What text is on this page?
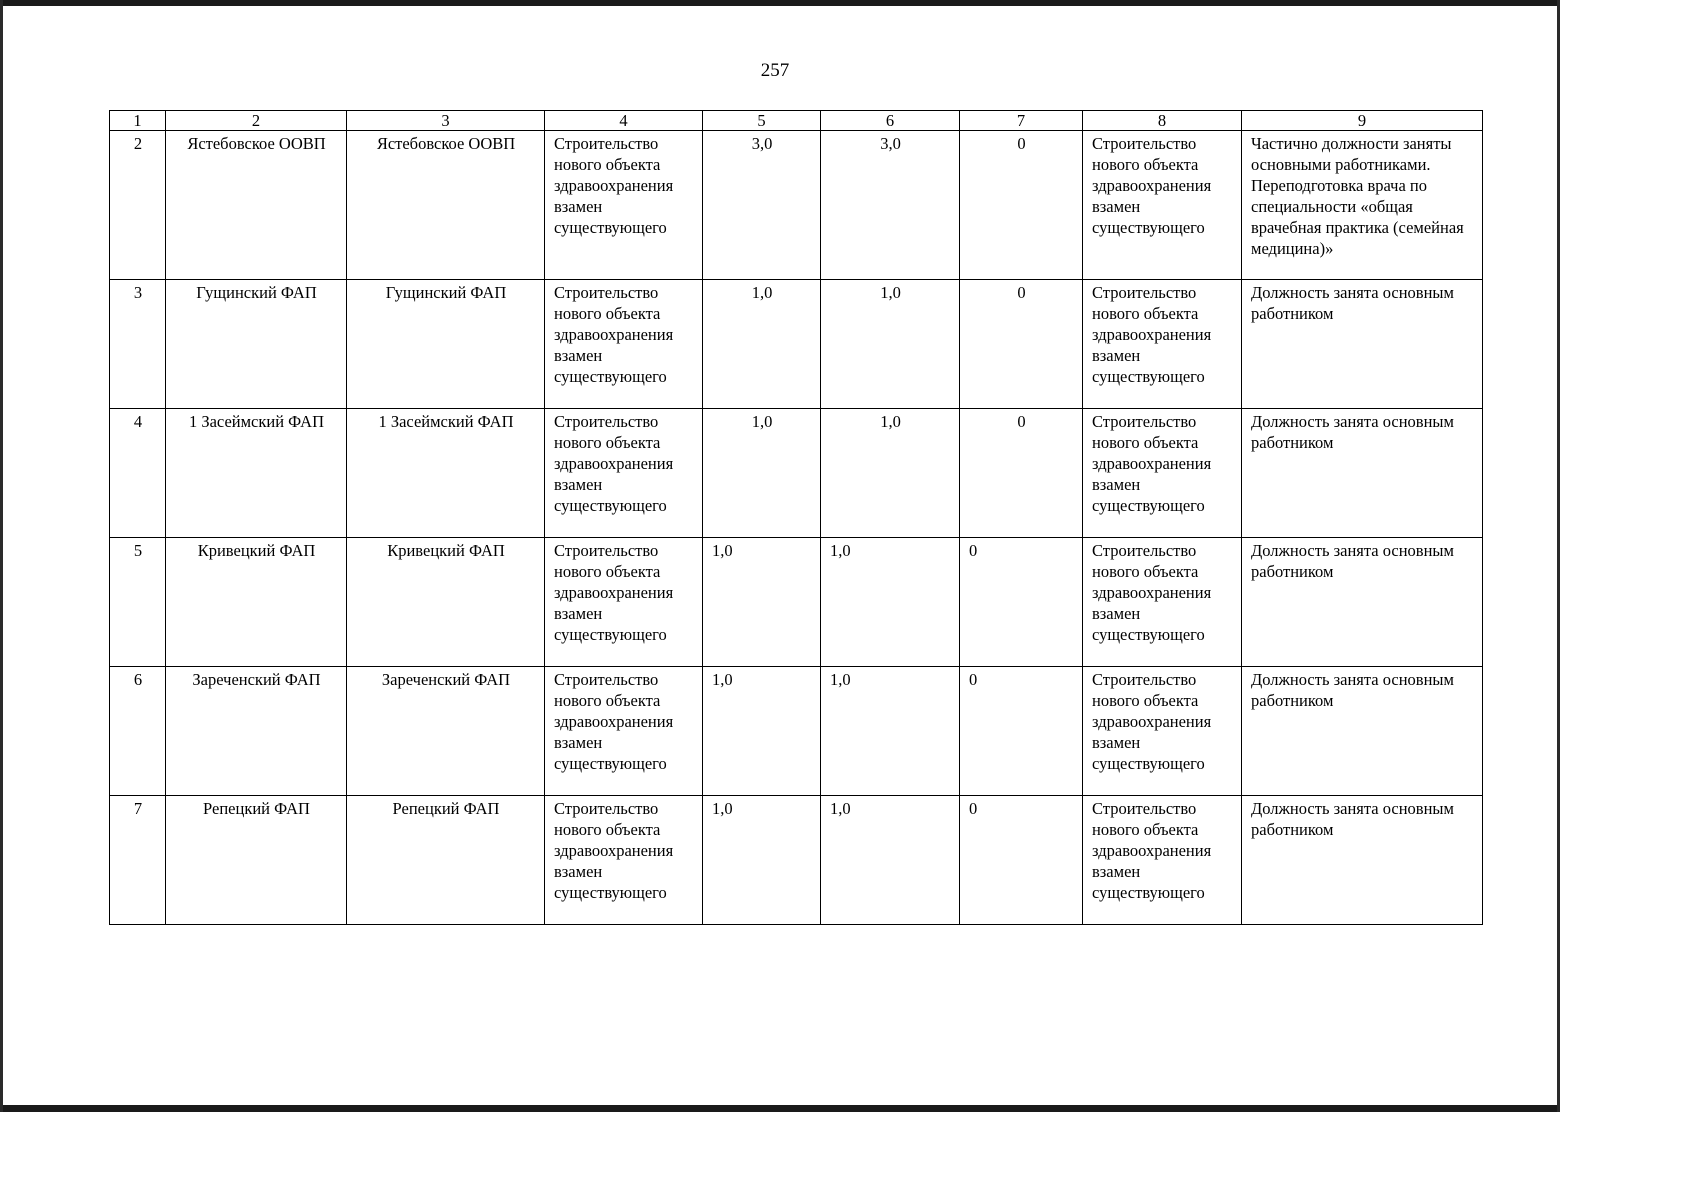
257
1	2	3	4	5	6	7	8	9
2	Ястебовское ООВП	Ястебовское ООВП	Строительство нового объекта здравоохранения взамен существующего	3,0	3,0	0	Строительство нового объекта здравоохранения взамен существующего	Частично должности заняты основными работниками. Переподготовка врача по специальности «общая врачебная практика (семейная медицина)»
3	Гущинский ФАП	Гущинский ФАП	Строительство нового объекта здравоохранения взамен существующего	1,0	1,0	0	Строительство нового объекта здравоохранения взамен существующего	Должность занята основным работником
4	1 Засеймский ФАП	1 Засеймский ФАП	Строительство нового объекта здравоохранения взамен существующего	1,0	1,0	0	Строительство нового объекта здравоохранения взамен существующего	Должность занята основным работником
5	Кривецкий ФАП	Кривецкий ФАП	Строительство нового объекта здравоохранения взамен существующего	1,0	1,0	0	Строительство нового объекта здравоохранения взамен существующего	Должность занята основным работником
6	Зареченский ФАП	Зареченский ФАП	Строительство нового объекта здравоохранения взамен существующего	1,0	1,0	0	Строительство нового объекта здравоохранения взамен существующего	Должность занята основным работником
7	Репецкий ФАП	Репецкий ФАП	Строительство нового объекта здравоохранения взамен существующего	1,0	1,0	0	Строительство нового объекта здравоохранения взамен существующего	Должность занята основным работником
